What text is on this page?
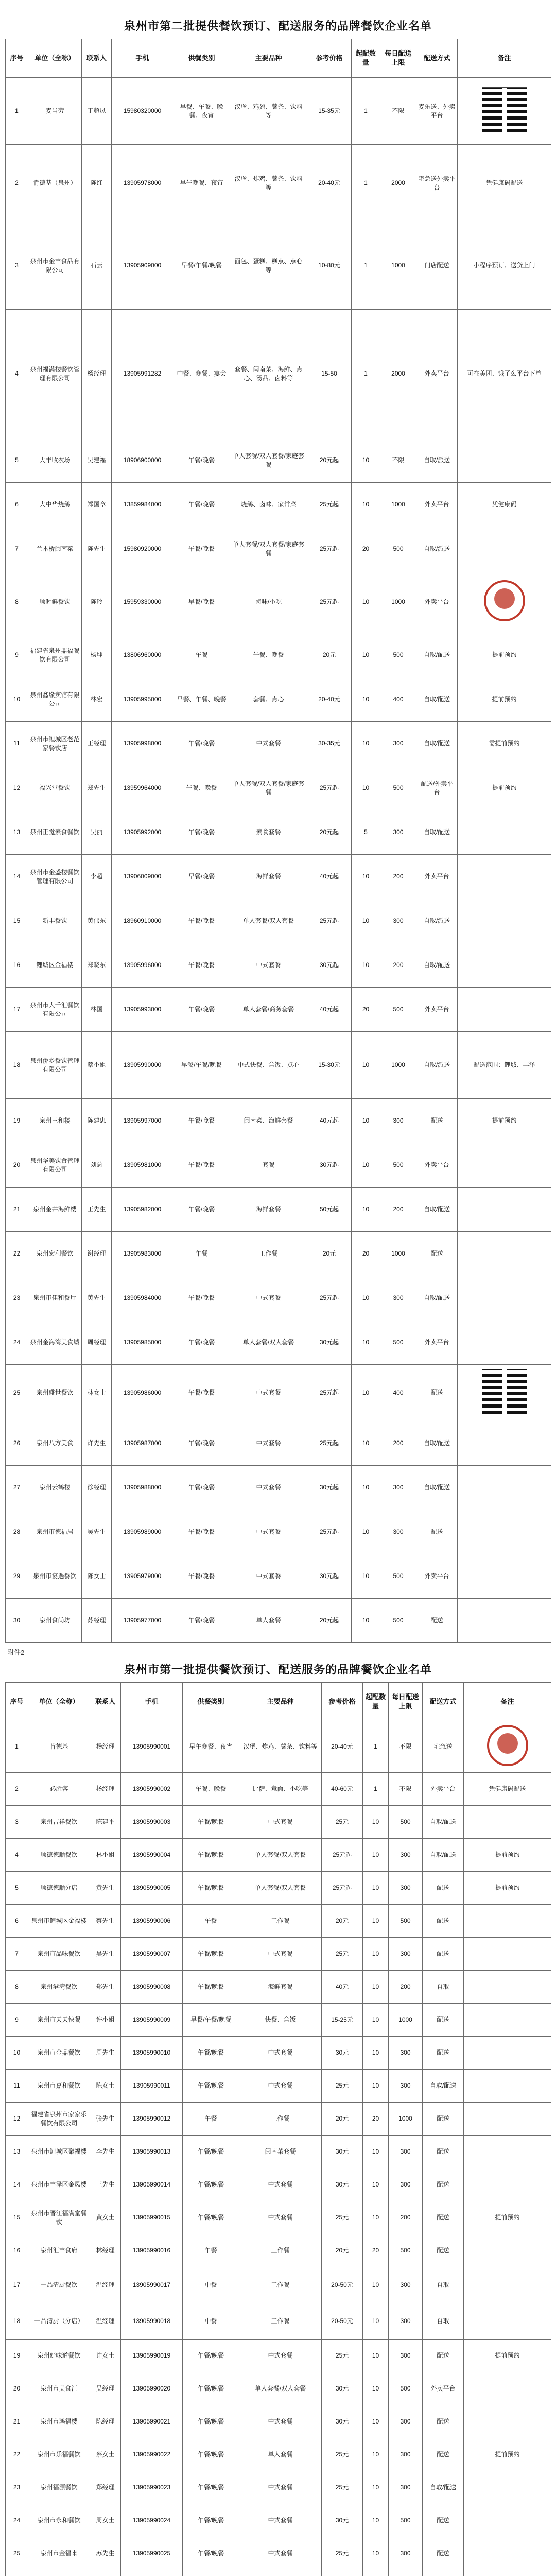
泉州市第二批提供餐饮预订、配送服务的品牌餐饮企业名单
序号	单位（全称）	联系人	手机	供餐类别	主要品种	参考价格	起配数量	每日配送上限	配送方式	备注
1	麦当劳	丁超凤	15980320000	早餐、午餐、晚餐、夜宵	汉堡、鸡翅、薯条、饮料等	15-35元	1	不限	麦乐送、外卖平台	
2	肯德基（泉州）	陈红	13905978000	早午晚餐、夜宵	汉堡、炸鸡、薯条、饮料等	20-40元	1	2000	宅急送外卖平台	凭健康码配送
3	泉州市金丰食品有限公司	石云	13905909000	早餐/午餐/晚餐	面包、蛋糕、糕点、点心等	10-80元	1	1000	门店配送	小程序预订、送货上门
4	泉州福满楼餐饮管理有限公司	杨经理	13905991282	中餐、晚餐、宴会	套餐、闽南菜、海鲜、点心、汤品、卤料等	15-50	1	2000	外卖平台	可在美团、饿了么平台下单
5	大丰收农场	吴建福	18906900000	午餐/晚餐	单人套餐/双人套餐/家庭套餐	20元起	10	不限	自取/派送	
6	大中华烧鹅	郑国章	13859984000	午餐/晚餐	烧鹅、卤味、家常菜	25元起	10	1000	外卖平台	凭健康码
7	兰木桥闽南菜	陈先生	15980920000	午餐/晚餐	单人套餐/双人套餐/家庭套餐	25元起	20	500	自取/派送	
8	顺时鲜餐饮	陈玲	15959330000	早餐/晚餐	卤味/小吃	25元起	10	1000	外卖平台	

9	福建省泉州鼎福餐饮有限公司	杨坤	13806960000	午餐	午餐、晚餐	20元	10	500	自取/配送	提前预约
10	泉州鑫缘宾馆有限公司	林宏	13905995000	早餐、午餐、晚餐	套餐、点心	20-40元	10	400	自取/配送	提前预约
11	泉州市鲤城区老范家餐饮店	王经理	13905998000	午餐/晚餐	中式套餐	30-35元	10	300	自取/配送	需提前预约
12	福兴堂餐饮	郑先生	13959964000	午餐、晚餐	单人套餐/双人套餐/家庭套餐	25元起	10	500	配送/外卖平台	提前预约
13	泉州正觉素食餐饮	吴丽	13905992000	午餐/晚餐	素食套餐	20元起	5	300	自取/配送	
14	泉州市金盛楼餐饮管理有限公司	李超	13906009000	早餐/晚餐	海鲜套餐	40元起	10	200	外卖平台	
15	新丰餐饮	黄伟东	18960910000	午餐/晚餐	单人套餐/双人套餐	25元起	10	300	自取/派送	
16	鲤城区金福楼	郑晓东	13905996000	午餐/晚餐	中式套餐	30元起	10	200	自取/配送	
17	泉州市大千汇餐饮有限公司	林国	13905993000	午餐/晚餐	单人套餐/商务套餐	40元起	20	500	外卖平台	
18	泉州侨乡餐饮管理有限公司	蔡小姐	13905990000	早餐/午餐/晚餐	中式快餐、盒饭、点心	15-30元	10	1000	自取/派送	配送范围：鲤城、丰泽
19	泉州三和楼	陈建忠	13905997000	午餐/晚餐	闽南菜、海鲜套餐	40元起	10	300	配送	提前预约
20	泉州华美饮食管理有限公司	刘总	13905981000	午餐/晚餐	套餐	30元起	10	500	外卖平台	
21	泉州金井海鲜楼	王先生	13905982000	午餐/晚餐	海鲜套餐	50元起	10	200	自取/配送	
22	泉州宏利餐饮	谢经理	13905983000	午餐	工作餐	20元	20	1000	配送	
23	泉州市佳和餐厅	黄先生	13905984000	午餐/晚餐	中式套餐	25元起	10	300	自取/配送	
24	泉州金海湾美食城	周经理	13905985000	午餐/晚餐	单人套餐/双人套餐	30元起	10	500	外卖平台	
25	泉州盛世餐饮	林女士	13905986000	午餐/晚餐	中式套餐	25元起	10	400	配送	
26	泉州八方美食	许先生	13905987000	午餐/晚餐	中式套餐	25元起	10	200	自取/配送	
27	泉州云鹤楼	徐经理	13905988000	午餐/晚餐	中式套餐	30元起	10	300	自取/配送	
28	泉州市德福居	吴先生	13905989000	午餐/晚餐	中式套餐	25元起	10	300	配送	
29	泉州市宴遇餐饮	陈女士	13905979000	午餐/晚餐	中式套餐	30元起	10	500	外卖平台	
30	泉州食尚坊	苏经理	13905977000	午餐/晚餐	单人套餐	20元起	10	500	配送	
附件2
泉州市第一批提供餐饮预订、配送服务的品牌餐饮企业名单
序号	单位（全称）	联系人	手机	供餐类别	主要品种	参考价格	起配数量	每日配送上限	配送方式	备注
1	肯德基	杨经理	13905990001	早午晚餐、夜宵	汉堡、炸鸡、薯条、饮料等	20-40元	1	不限	宅急送	

2	必胜客	杨经理	13905990002	午餐、晚餐	比萨、意面、小吃等	40-60元	1	不限	外卖平台	凭健康码配送
3	泉州吉祥餐饮	陈建平	13905990003	午餐/晚餐	中式套餐	25元	10	500	自取/配送	
4	顺德德顺餐饮	林小姐	13905990004	午餐/晚餐	单人套餐/双人套餐	25元起	10	300	自取/配送	提前预约
5	顺德德顺分店	黄先生	13905990005	午餐/晚餐	单人套餐/双人套餐	25元起	10	300	配送	提前预约
6	泉州市鲤城区金福楼	蔡先生	13905990006	午餐	工作餐	20元	10	500	配送	
7	泉州市品味餐饮	吴先生	13905990007	午餐/晚餐	中式套餐	25元	10	300	配送	
8	泉州港湾餐饮	郑先生	13905990008	午餐/晚餐	海鲜套餐	40元	10	200	自取	
9	泉州市天天快餐	许小姐	13905990009	早餐/午餐/晚餐	快餐、盒饭	15-25元	10	1000	配送	
10	泉州市金鼎餐饮	周先生	13905990010	午餐/晚餐	中式套餐	30元	10	300	配送	
11	泉州市嘉和餐饮	陈女士	13905990011	午餐/晚餐	中式套餐	25元	10	300	自取/配送	
12	福建省泉州市家家乐餐饮有限公司	张先生	13905990012	午餐	工作餐	20元	20	1000	配送	
13	泉州市鲤城区聚福楼	李先生	13905990013	午餐/晚餐	闽南菜套餐	30元	10	300	配送	
14	泉州市丰泽区金凤楼	王先生	13905990014	午餐/晚餐	中式套餐	30元	10	300	配送	
15	泉州市晋江福满堂餐饮	黄女士	13905990015	午餐/晚餐	中式套餐	25元	10	200	配送	提前预约
16	泉州汇丰食府	林经理	13905990016	午餐	工作餐	20元	20	500	配送	
17	一品清厨餐饮	温经理	13905990017	中餐	工作餐	20-50元	10	300	自取	
18	一品清厨（分店）	温经理	13905990018	中餐	工作餐	20-50元	10	300	自取	
19	泉州好味道餐饮	许女士	13905990019	午餐/晚餐	中式套餐	25元	10	300	配送	提前预约
20	泉州市美食汇	吴经理	13905990020	午餐/晚餐	单人套餐/双人套餐	30元	10	500	外卖平台	
21	泉州市鸿福楼	陈经理	13905990021	午餐/晚餐	中式套餐	30元	10	300	配送	
22	泉州市乐福餐饮	蔡女士	13905990022	午餐/晚餐	单人套餐	25元	10	300	配送	提前预约
23	泉州福源餐饮	郑经理	13905990023	午餐/晚餐	中式套餐	25元	10	300	自取/配送	
24	泉州市永和餐饮	周女士	13905990024	午餐/晚餐	中式套餐	30元	10	500	配送	
25	泉州市金福来	苏先生	13905990025	午餐/晚餐	中式套餐	25元	10	300	配送	
